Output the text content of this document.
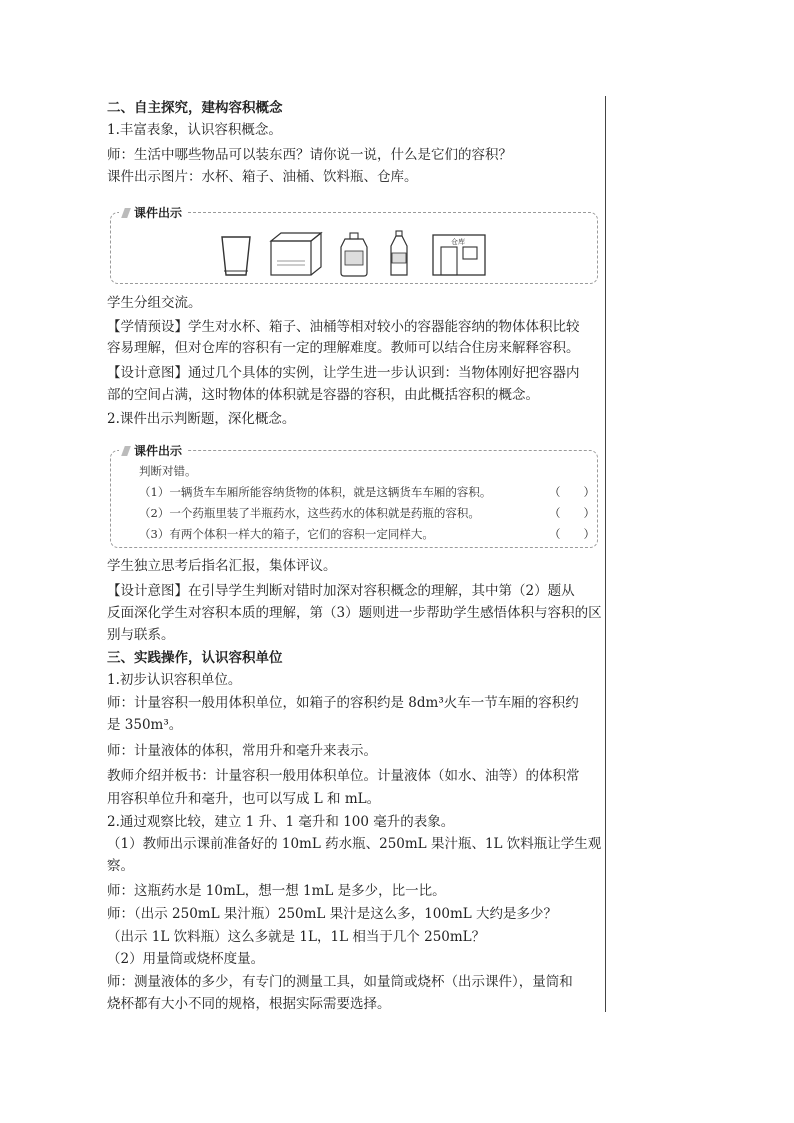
二、自主探究，建构容积概念
1.丰富表象，认识容积概念。
师：生活中哪些物品可以装东西？请你说一说，什么是它们的容积？
课件出示图片：水杯、箱子、油桶、饮料瓶、仓库。
课件出示
仓库
学生分组交流。
【学情预设】学生对水杯、箱子、油桶等相对较小的容器能容纳的物体体积比较
容易理解，但对仓库的容积有一定的理解难度。教师可以结合住房来解释容积。
【设计意图】通过几个具体的实例，让学生进一步认识到：当物体刚好把容器内
部的空间占满，这时物体的体积就是容器的容积，由此概括容积的概念。
2.课件出示判断题，深化概念。
课件出示
判断对错。
（1）一辆货车车厢所能容纳货物的体积，就是这辆货车车厢的容积。	（　　）
（2）一个药瓶里装了半瓶药水，这些药水的体积就是药瓶的容积。	（　　）
（3）有两个体积一样大的箱子，它们的容积一定同样大。	（　　）
学生独立思考后指名汇报，集体评议。
【设计意图】在引导学生判断对错时加深对容积概念的理解，其中第（2）题从
反面深化学生对容积本质的理解，第（3）题则进一步帮助学生感悟体积与容积的区
别与联系。
三、实践操作，认识容积单位
1.初步认识容积单位。
师：计量容积一般用体积单位，如箱子的容积约是 8dm³火车一节车厢的容积约
是 350m³。
师：计量液体的体积，常用升和毫升来表示。
教师介绍并板书：计量容积一般用体积单位。计量液体（如水、油等）的体积常
用容积单位升和毫升，也可以写成 L 和 mL。
2.通过观察比较，建立 1 升、1 毫升和 100 毫升的表象。
（1）教师出示课前准备好的 10mL 药水瓶、250mL 果汁瓶、1L 饮料瓶让学生观
察。
师：这瓶药水是 10mL，想一想 1mL 是多少，比一比。
师：（出示 250mL 果汁瓶）250mL 果汁是这么多，100mL 大约是多少？
（出示 1L 饮料瓶）这么多就是 1L，1L 相当于几个 250mL？
（2）用量筒或烧杯度量。
师：测量液体的多少，有专门的测量工具，如量筒或烧杯（出示课件），量筒和
烧杯都有大小不同的规格，根据实际需要选择。
